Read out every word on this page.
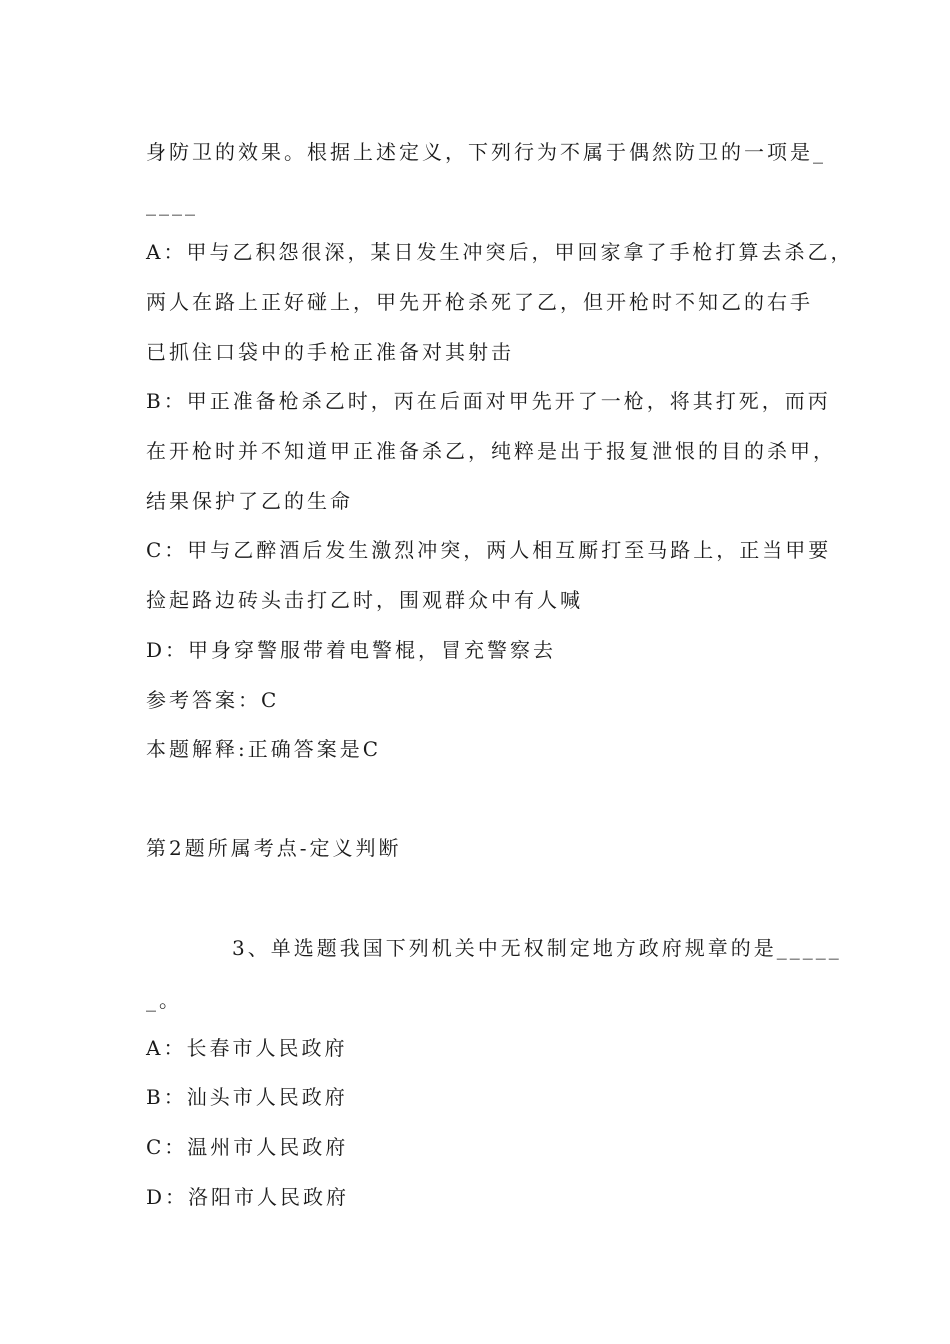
身防卫的效果。根据上述定义，下列行为不属于偶然防卫的一项是_
____
A：甲与乙积怨很深，某日发生冲突后，甲回家拿了手枪打算去杀乙，
两人在路上正好碰上，甲先开枪杀死了乙，但开枪时不知乙的右手
已抓住口袋中的手枪正准备对其射击
B：甲正准备枪杀乙时，丙在后面对甲先开了一枪，将其打死，而丙
在开枪时并不知道甲正准备杀乙，纯粹是出于报复泄恨的目的杀甲，
结果保护了乙的生命
C：甲与乙醉酒后发生激烈冲突，两人相互厮打至马路上，正当甲要
捡起路边砖头击打乙时，围观群众中有人喊
D：甲身穿警服带着电警棍，冒充警察去
参考答案：C
本题解释:正确答案是C
第2题所属考点-定义判断
3、单选题我国下列机关中无权制定地方政府规章的是_____
_。
A：长春市人民政府
B：汕头市人民政府
C：温州市人民政府
D：洛阳市人民政府
